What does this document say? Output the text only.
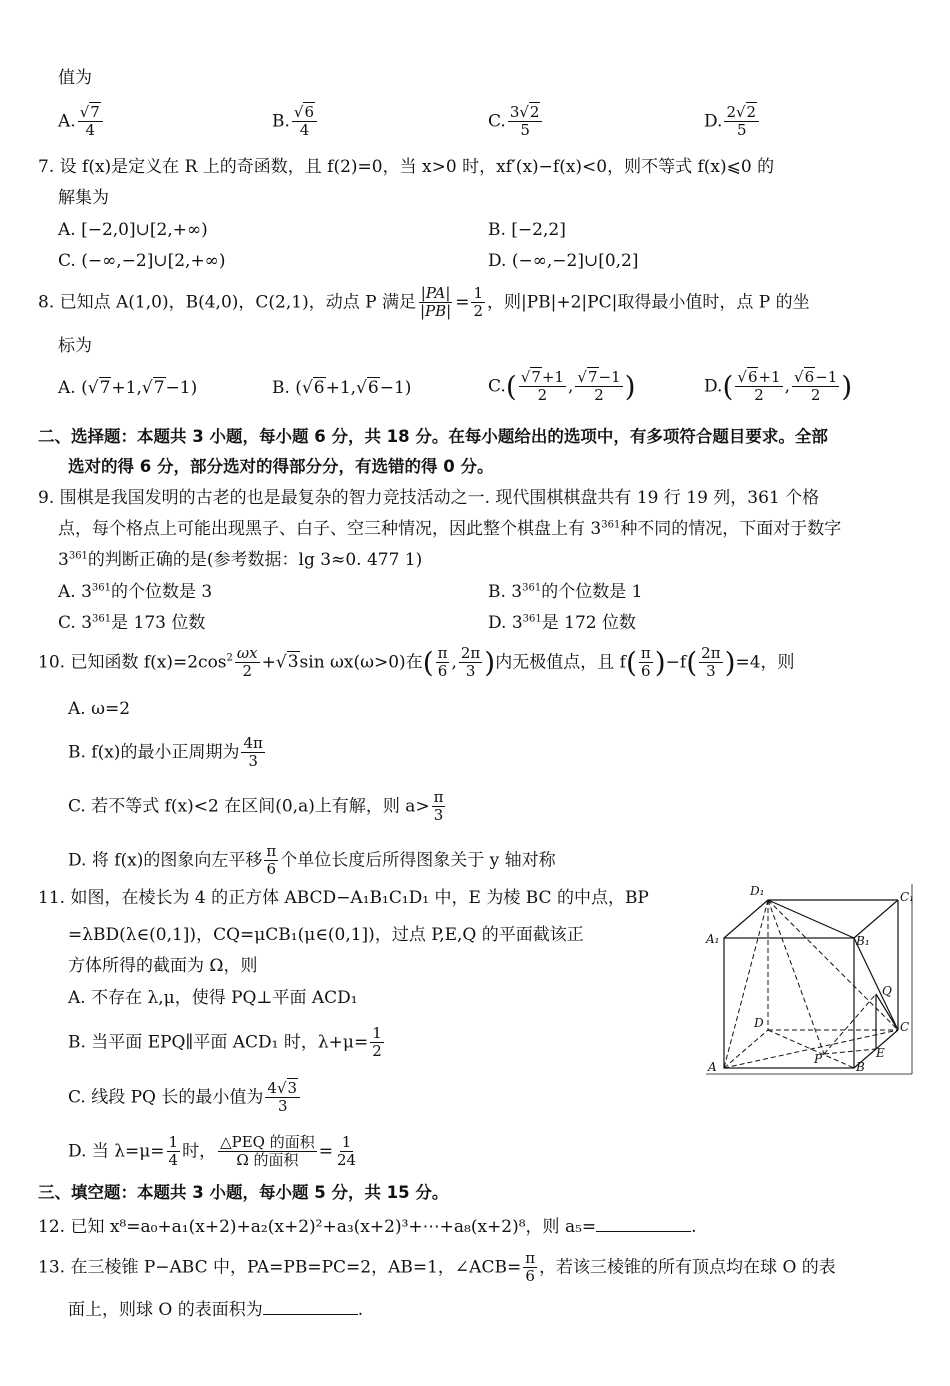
值为
A. $\frac{√7}{4}$	B. $\frac{√6}{4}$	C. $\frac{3√2}{5}$	D. $\frac{2√2}{5}$
7. 设 f(x)是定义在 R 上的奇函数，且 f(2)=0，当 x>0 时，xf′(x)−f(x)<0，则不等式 f(x)⩽0 的
解集为
A. [−2,0]∪[2,+∞)	B. [−2,2]
C. (−∞,−2]∪[2,+∞)	D. (−∞,−2]∪[0,2]
8. 已知点 A(1,0)，B(4,0)，C(2,1)，动点 P 满足 $\frac{|PA|}{|PB|} = \frac{1}{2}$ ，则|PB|+2|PC|取得最小值时，点 P 的坐
标为
A. (√7+1,√7−1)	B. (√6+1,√6−1)	$C.( \frac{√7+1}{2}$ , $\frac{√7-1}{2}$ )	$D.( \frac{√6+1}{2}$ , $\frac{√6-1}{2}$ )
二、选择题：本题共 3 小题，每小题 6 分，共 18 分。在每小题给出的选项中，有多项符合题目要求。全部
选对的得 6 分，部分选对的得部分分，有选错的得 0 分。
9. 围棋是我国发明的古老的也是最复杂的智力竞技活动之一. 现代围棋棋盘共有 19 行 19 列，361 个格
点，每个格点上可能出现黑子、白子、空三种情况，因此整个棋盘上有 $3^{361}$种不同的情况，下面对于数字
$3^{361}$的判断正确的是(参考数据：lg 3≈0. 477 1)
A. $3^{361}$的个位数是 3	B. $3^{361}$的个位数是 1
C. $3^{361}$是 173 位数	D. $3^{361}$是 172 位数
10. 已知函数 $f(x)=2\cos^2 \frac{\omega x}{2} +√3\sin$ ωx(ω>0)在( $\frac{\pi}{6}$ , $\frac{2\pi}{3}$ )内无极值点，且 $f( \frac{\pi}{6} )-f( \frac{2\pi}{3} )=4$，则
A. ω=2
B. f(x)的最小正周期为 $\frac{4\pi}{3}$
C. 若不等式 f(x)<2 在区间(0,a)上有解，则 $a> \frac{\pi}{3}$
D. 将 f(x)的图象向左平移 $\frac{\pi}{6}$ 个单位长度后所得图象关于 y 轴对称
11. 如图，在棱长为 4 的正方体 ABCD−A₁B₁C₁D₁ 中，E 为棱 BC 的中点，BP
=λBD(λ∈(0,1])，CQ=μCB₁(μ∈(0,1])，过点 P,E,Q 的平面截该正
方体所得的截面为 Ω，则
A. 不存在 λ,μ，使得 PQ⊥平面 ACD₁
B. 当平面 EPQ∥平面 ACD₁ 时，$\lambda+\mu= \frac{1}{2}$
C. 线段 PQ 长的最小值为 $\frac{4√3}{3}$
D. 当 $\lambda=\mu= \frac{1}{4}$ 时， △PEQ 的面积
Ω 的面积 = $\frac{1}{24}$
D₁	C₁
A₁	B₁
Q
D	C
P	E
A	B
三、填空题：本题共 3 小题，每小题 5 分，共 15 分。
12. 已知 x⁸=a₀+a₁(x+2)+a₂(x+2)²+a₃(x+2)³+⋯+a₈(x+2)⁸，则 a₅=	.
13. 在三棱锥 P−ABC 中，PA=PB=PC=2，AB=1，∠ACB= $\frac{\pi}{6}$ ，若该三棱锥的所有顶点均在球 O 的表
面上，则球 O 的表面积为	.
